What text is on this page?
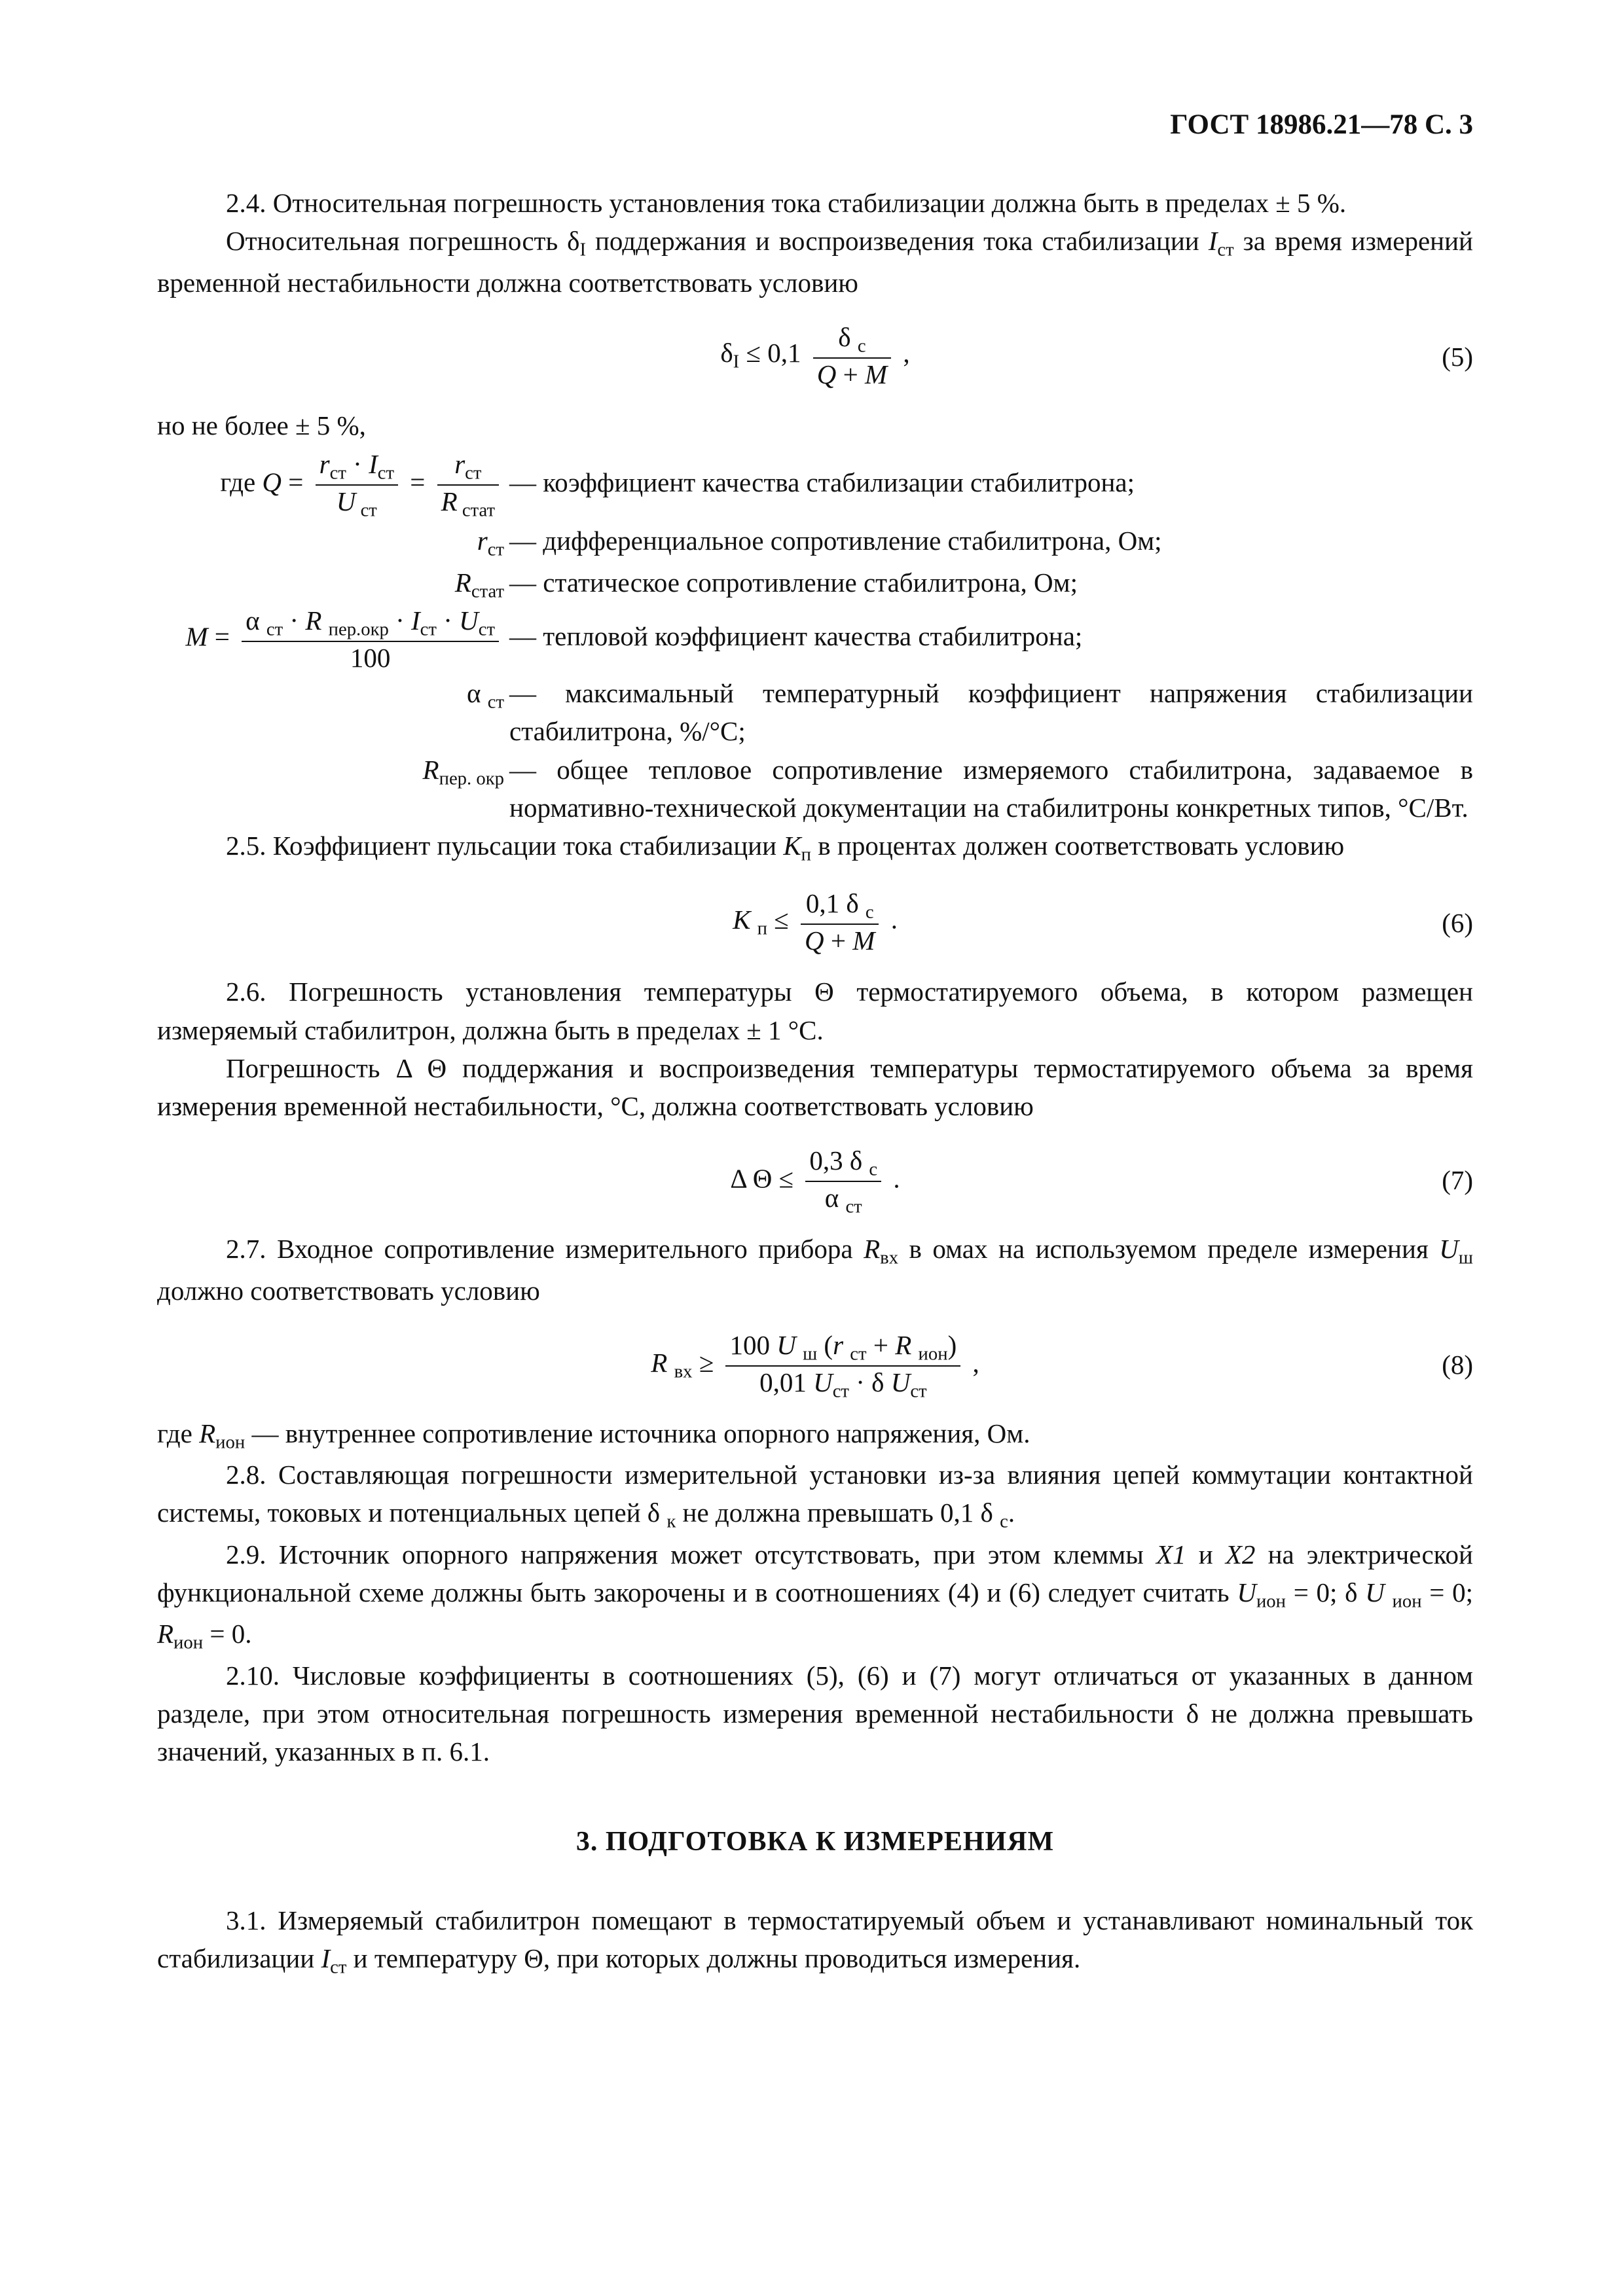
ГОСТ 18986.21—78 С. 3

2.4. Относительная погрешность установления тока стабилизации должна быть в пределах ± 5 %.

Относительная погрешность $\delta_I$ поддержания и воспроизведения тока стабилизации $I_{ст}$ за время измерений временной нестабильности должна соответствовать условию

$\delta_I \le 0,1 \frac{\delta _с}{Q + M}$ ,	(5)

но не более ± 5 %,

где $Q = \frac{r_{ст} \cdot I_{ст}}{U _{ст}} = \frac{r_{ст}}{R _{стат}}$ — коэффициент качества стабилизации стабилитрона;
$r_{ст}$ — дифференциальное сопротивление стабилитрона, Ом;
$R_{стат}$ — статическое сопротивление стабилитрона, Ом;
$M = \frac{\alpha _{ст} \cdot R _{пер.окр} \cdot I_{ст} \cdot U_{ст}}{100}$ — тепловой коэффициент качества стабилитрона;
α $_{ст}$ — максимальный температурный коэффициент напряжения стабилизации стабилитрона, %/°С;
$R_{пер. окр}$ — общее тепловое сопротивление измеряемого стабилитрона, задаваемое в нормативно-технической документации на стабилитроны конкретных типов, °С/Вт.

2.5. Коэффициент пульсации тока стабилизации $K_п$ в процентах должен соответствовать условию

K $_п \le \frac{0,1 \delta _с}{Q + M}$ .	(6)

2.6. Погрешность установления температуры Θ термостатируемого объема, в котором размещен измеряемый стабилитрон, должна быть в пределах ± 1 °С.

Погрешность Δ Θ поддержания и воспроизведения температуры термостатируемого объема за время измерения временной нестабильности, °С, должна соответствовать условию

Δ $\Theta \le \frac{0,3 \delta _с}{\alpha _{ст}}$ .	(7)

2.7. Входное сопротивление измерительного прибора $R_{вх}$ в омах на используемом пределе измерения $U_ш$ должно соответствовать условию

R $_{вх} \ge \frac{100 U _ш (r _{ст} + R _{ион})}{0,01 U_{ст} \cdot \delta U_{ст}}$ ,	(8)

где $R_{ион}$ — внутреннее сопротивление источника опорного напряжения, Ом.

2.8. Составляющая погрешности измерительной установки из-за влияния цепей коммутации контактной системы, токовых и потенциальных цепей δ $_к$ не должна превышать 0,1 δ $_с$.

2.9. Источник опорного напряжения может отсутствовать, при этом клеммы X1 и X2 на электрической функциональной схеме должны быть закорочены и в соотношениях (4) и (6) следует считать $U_{ион} = 0$; δ U $_{ион}$ = 0; $R_{ион} = 0$.

2.10. Числовые коэффициенты в соотношениях (5), (6) и (7) могут отличаться от указанных в данном разделе, при этом относительная погрешность измерения временной нестабильности δ не должна превышать значений, указанных в п. 6.1.

3. ПОДГОТОВКА К ИЗМЕРЕНИЯМ

3.1. Измеряемый стабилитрон помещают в термостатируемый объем и устанавливают номинальный ток стабилизации $I_{ст}$ и температуру Θ, при которых должны проводиться измерения.
